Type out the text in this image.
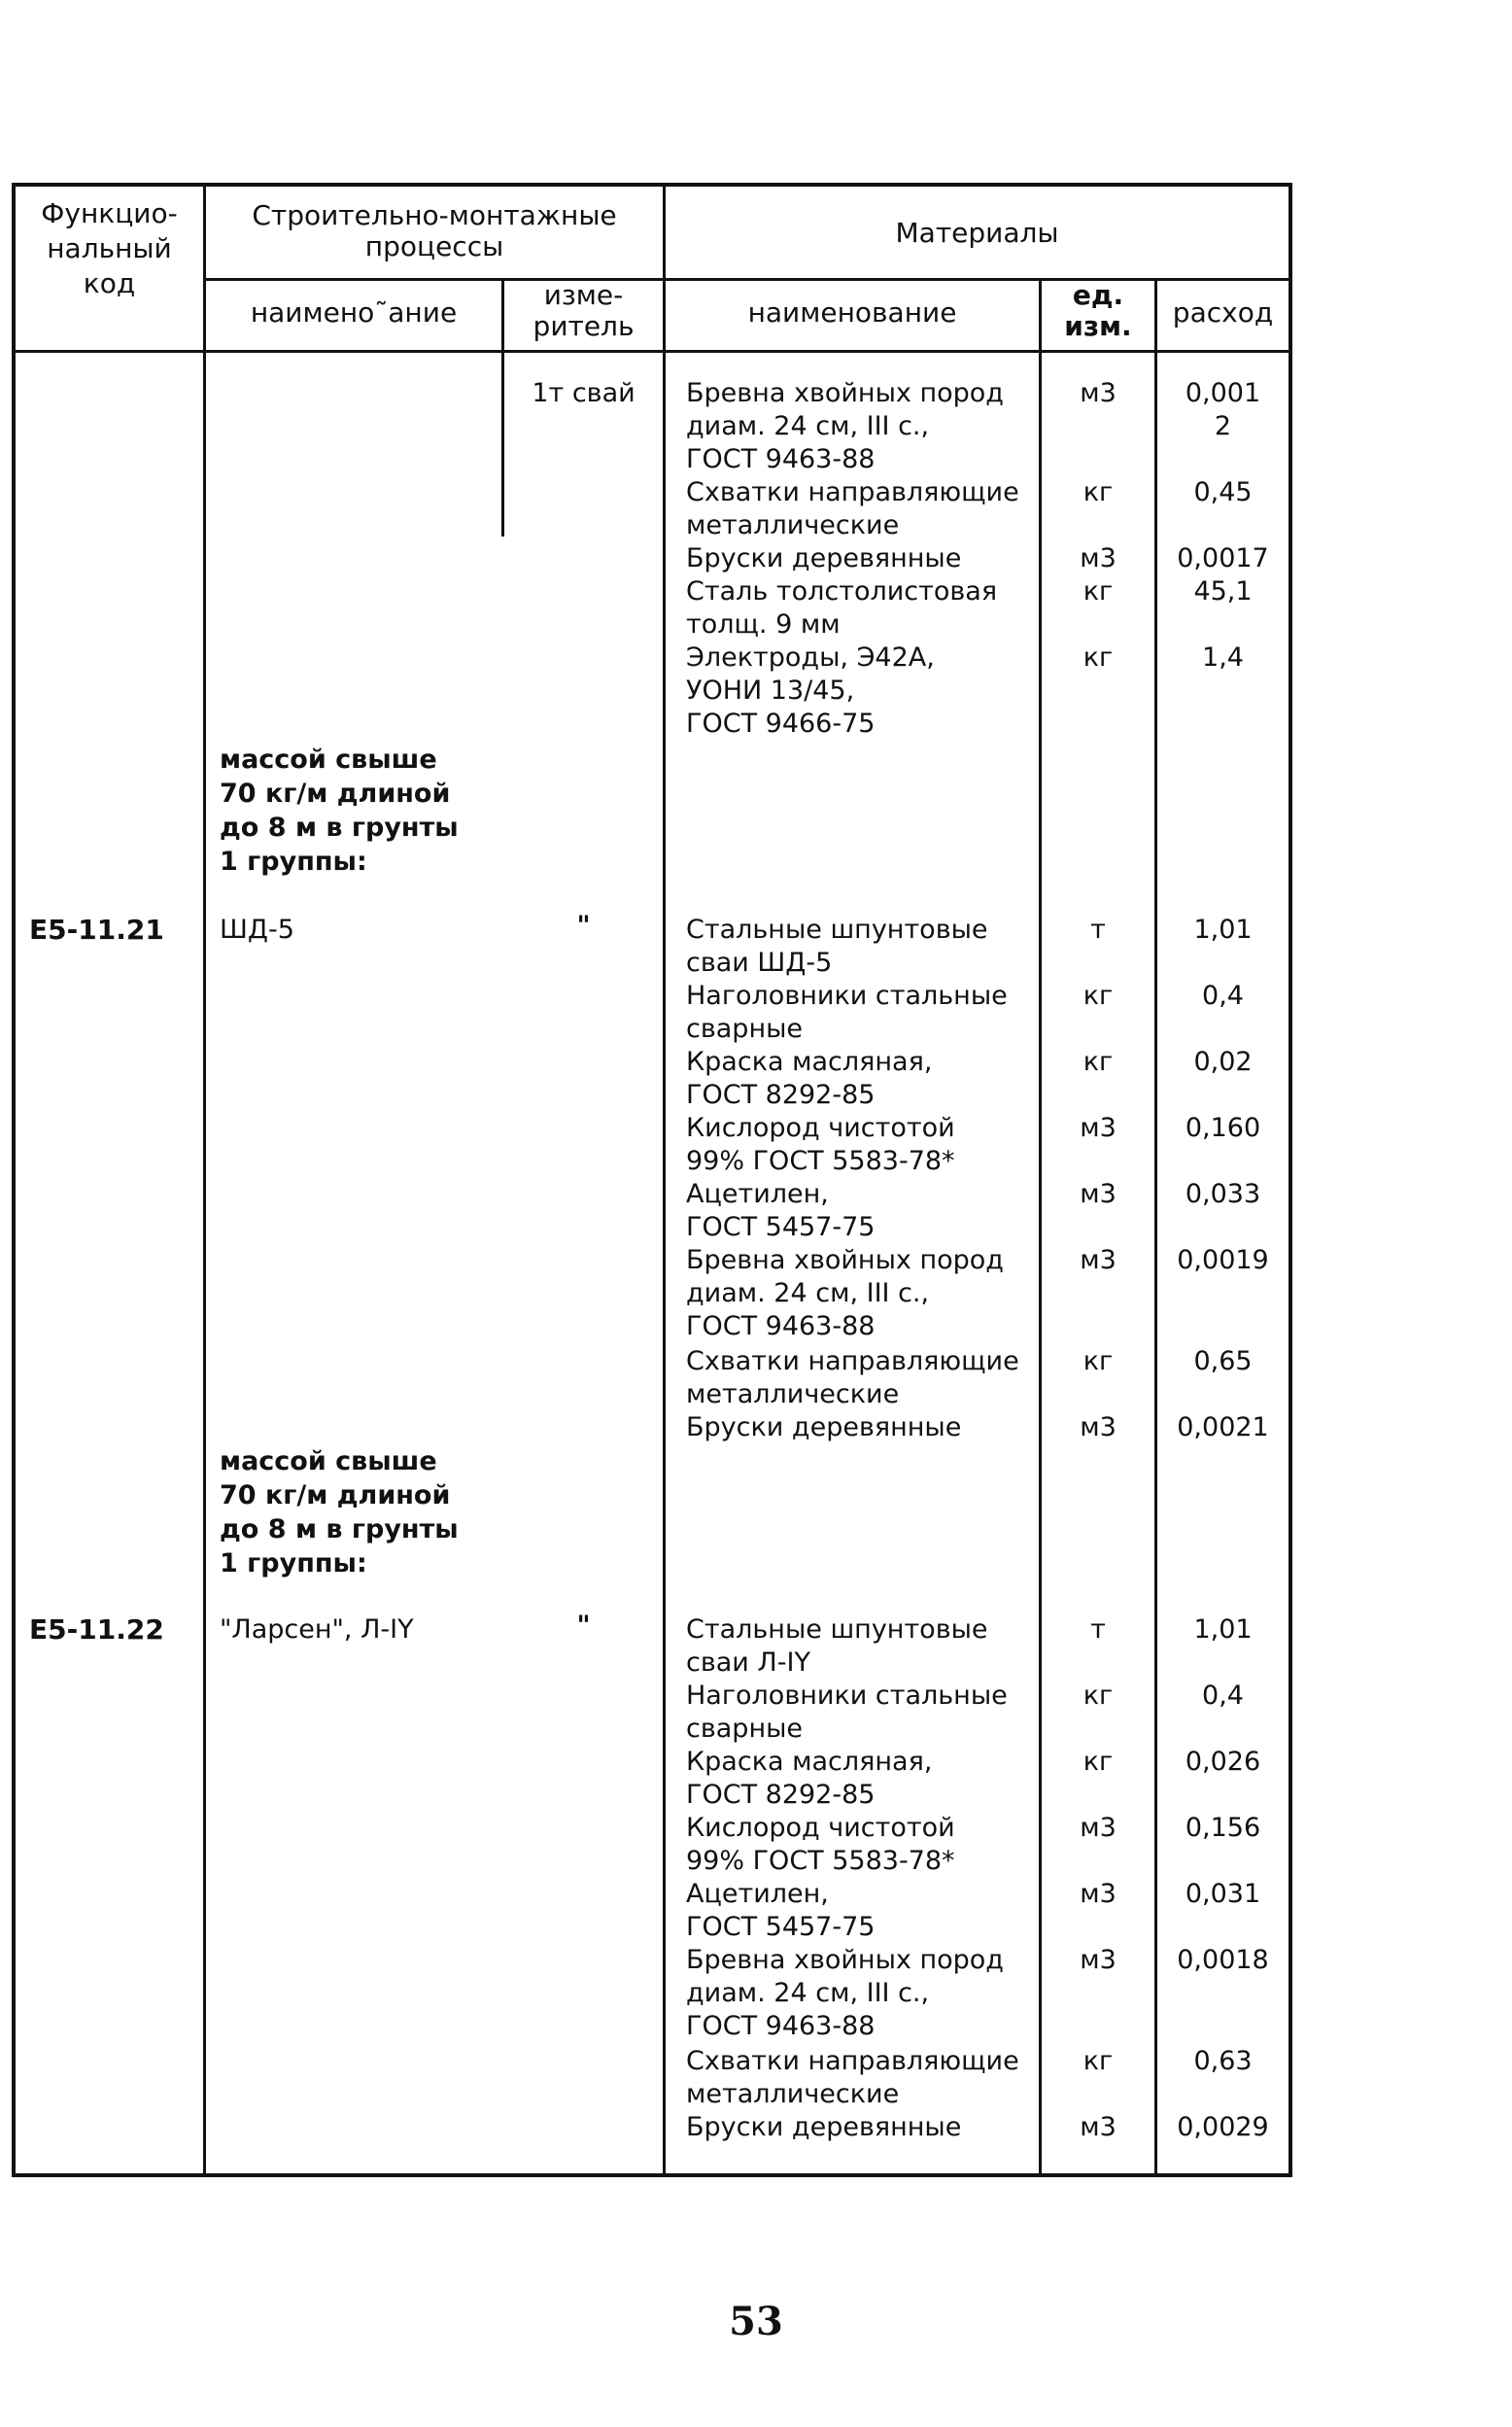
Функцио-
нальный
код
Строительно-монтажные
процессы	Материалы
наимено˜ание
изме-
ритель	наименование
ед.
изм.	расход
1т свай	Бревна хвойных пород
диам. 24 см, III с.,
ГОСТ 9463-88
м3	0,001
2
Схватки направляющие
металлические
кг	0,45
Бруски деревянные	м3	0,0017
Сталь толстолистовая
толщ. 9 мм
кг	45,1
Электроды, Э42А,
УОНИ 13/45,
ГОСТ 9466-75
кг	1,4
массой свыше
70 кг/м длиной
до 8 м в грунты
1 группы:
Е5-11.21	ШД-5	"	Стальные шпунтовые
сваи ШД-5
т	1,01
Наголовники стальные
сварные
кг	0,4
Краска масляная,
ГОСТ 8292-85
кг	0,02
Кислород чистотой
99% ГОСТ 5583-78*
м3	0,160
Ацетилен,
ГОСТ 5457-75
м3	0,033
Бревна хвойных пород
диам. 24 см, III с.,
ГОСТ 9463-88
м3	0,0019
Схватки направляющие
металлические
кг	0,65
Бруски деревянные	м3	0,0021
массой свыше
70 кг/м длиной
до 8 м в грунты
1 группы:
Е5-11.22	"Ларсен", Л-IY	"	Стальные шпунтовые
сваи Л-IY
т	1,01
Наголовники стальные
сварные
кг	0,4
Краска масляная,
ГОСТ 8292-85
кг	0,026
Кислород чистотой
99% ГОСТ 5583-78*
м3	0,156
Ацетилен,
ГОСТ 5457-75
м3	0,031
Бревна хвойных пород
диам. 24 см, III с.,
ГОСТ 9463-88
м3	0,0018
Схватки направляющие
металлические
кг	0,63
Бруски деревянные	м3	0,0029
53
